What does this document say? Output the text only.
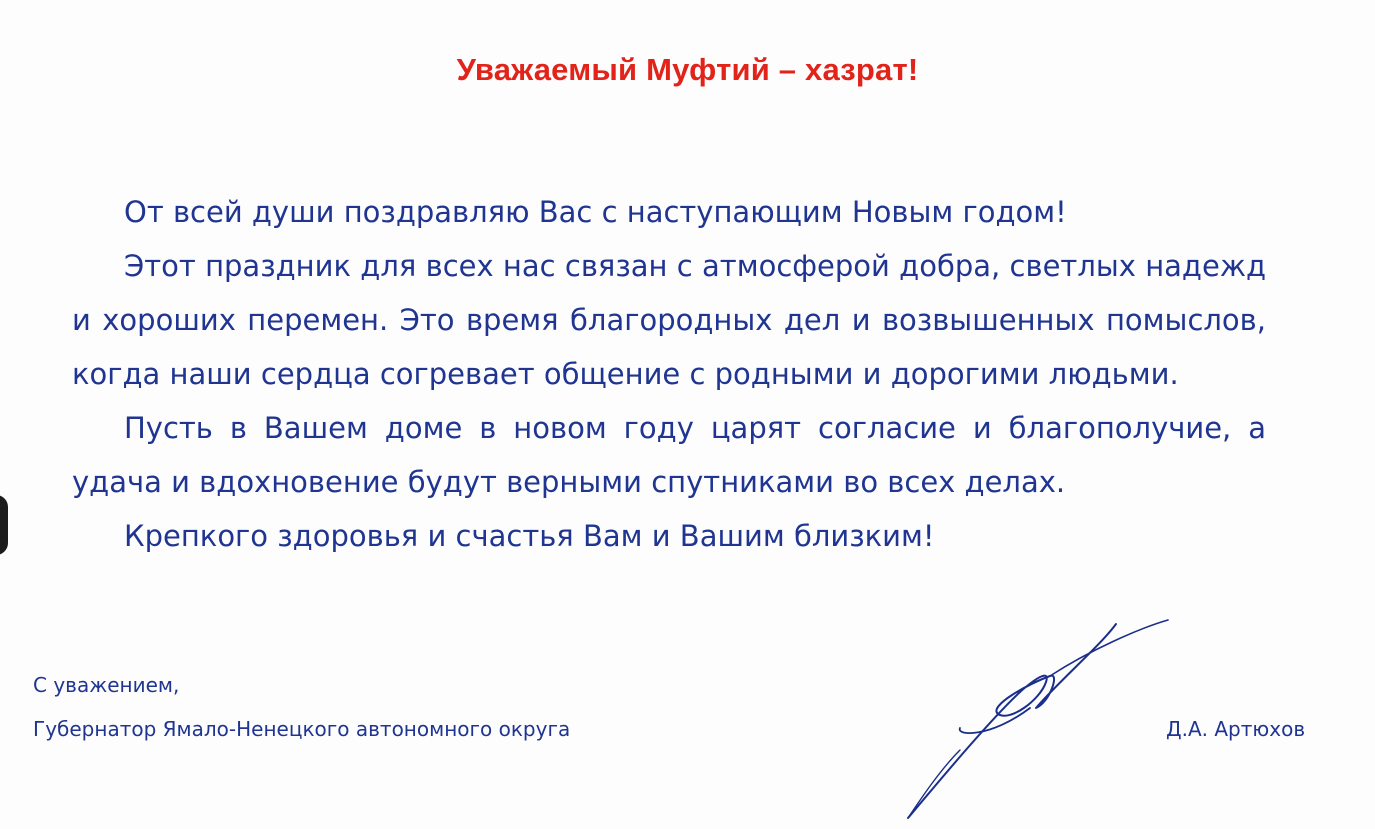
Уважаемый Муфтий – хазрат!

От всей души поздравляю Вас с наступающим Новым годом!

Этот праздник для всех нас связан с атмосферой добра, светлых надежд и хороших перемен. Это время благородных дел и возвышенных помыслов, когда наши сердца согревает общение с родными и дорогими людьми.

Пусть в Вашем доме в новом году царят согласие и благополучие, а удача и вдохновение будут верными спутниками во всех делах.

Крепкого здоровья и счастья Вам и Вашим близким!

С уважением,
Губернатор Ямало-Ненецкого автономного округа	Д.А. Артюхов
